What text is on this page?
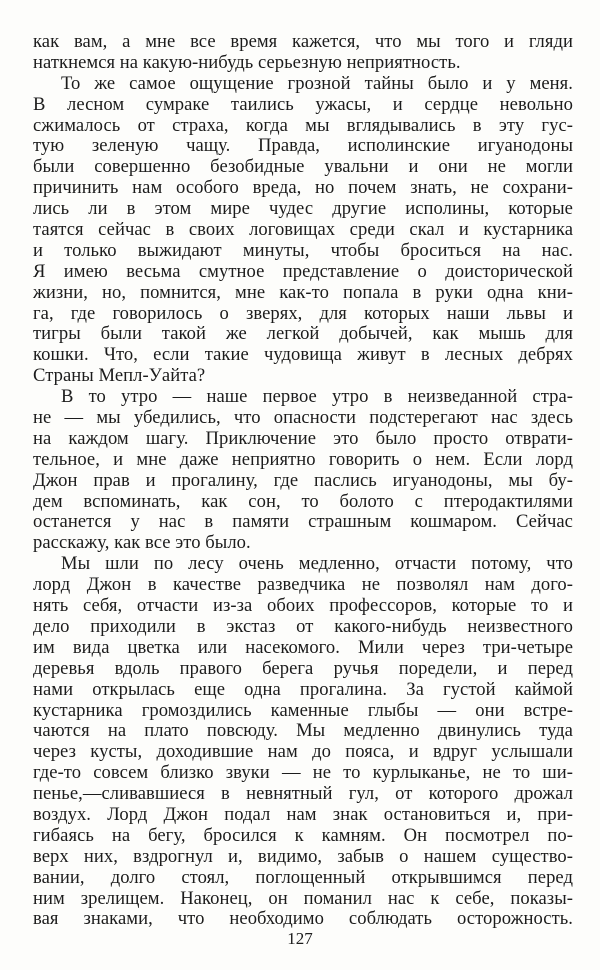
как вам, а мне все время кажется, что мы того и гляди
наткнемся на какую-нибудь серьезную неприятность.
То же самое ощущение грозной тайны было и у меня.
В лесном сумраке таились ужасы, и сердце невольно
сжималось от страха, когда мы вглядывались в эту гус-
тую зеленую чащу. Правда, исполинские игуанодоны
были совершенно безобидные увальни и они не могли
причинить нам особого вреда, но почем знать, не сохрани-
лись ли в этом мире чудес другие исполины, которые
таятся сейчас в своих логовищах среди скал и кустарника
и только выжидают минуты, чтобы броситься на нас.
Я имею весьма смутное представление о доисторической
жизни, но, помнится, мне как-то попала в руки одна кни-
га, где говорилось о зверях, для которых наши львы и
тигры были такой же легкой добычей, как мышь для
кошки. Что, если такие чудовища живут в лесных дебрях
Страны Мепл-Уайта?
В то утро — наше первое утро в неизведанной стра-
не — мы убедились, что опасности подстерегают нас здесь
на каждом шагу. Приключение это было просто отврати-
тельное, и мне даже неприятно говорить о нем. Если лорд
Джон прав и прогалину, где паслись игуанодоны, мы бу-
дем вспоминать, как сон, то болото с птеродактилями
останется у нас в памяти страшным кошмаром. Сейчас
расскажу, как все это было.
Мы шли по лесу очень медленно, отчасти потому, что
лорд Джон в качестве разведчика не позволял нам дого-
нять себя, отчасти из-за обоих профессоров, которые то и
дело приходили в экстаз от какого-нибудь неизвестного
им вида цветка или насекомого. Мили через три-четыре
деревья вдоль правого берега ручья поредели, и перед
нами открылась еще одна прогалина. За густой каймой
кустарника громоздились каменные глыбы — они встре-
чаются на плато повсюду. Мы медленно двинулись туда
через кусты, доходившие нам до пояса, и вдруг услышали
где-то совсем близко звуки — не то курлыканье, не то ши-
пенье,—сливавшиеся в невнятный гул, от которого дрожал
воздух. Лорд Джон подал нам знак остановиться и, при-
гибаясь на бегу, бросился к камням. Он посмотрел по-
верх них, вздрогнул и, видимо, забыв о нашем существо-
вании, долго стоял, поглощенный открывшимся перед
ним зрелищем. Наконец, он поманил нас к себе, показы-
вая знаками, что необходимо соблюдать осторожность.
127
